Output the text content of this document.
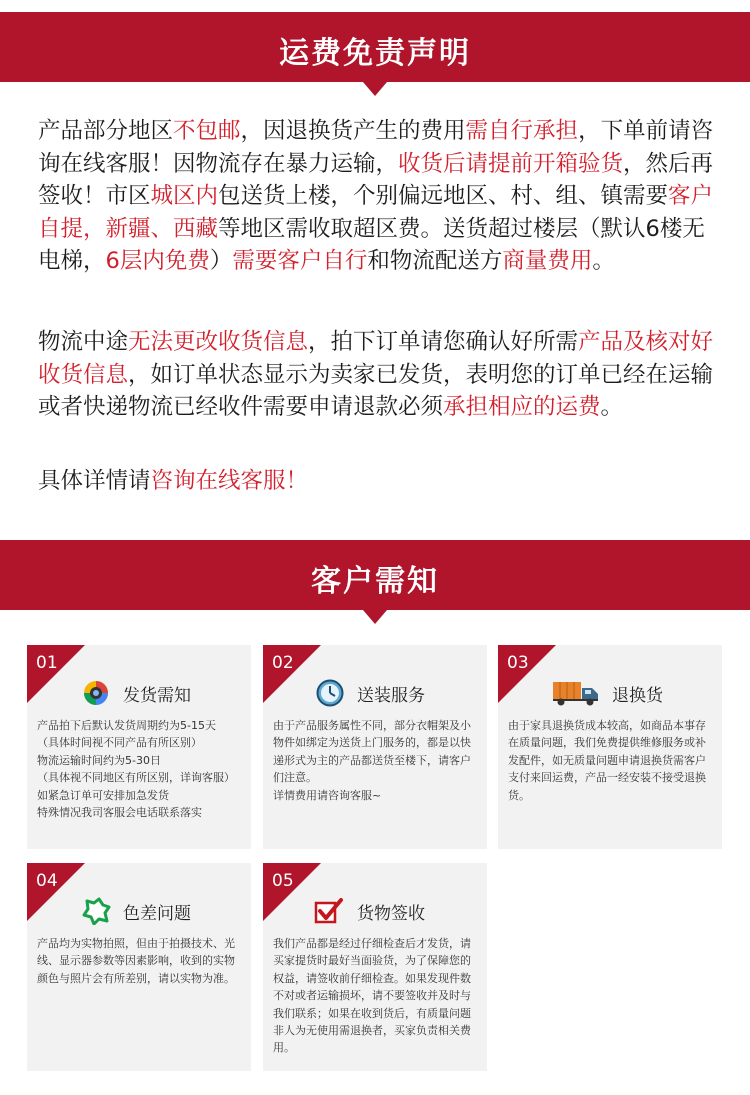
运费免责声明
产品部分地区不包邮，因退换货产生的费用需自行承担，下单前请咨询在线客服！因物流存在暴力运输，收货后请提前开箱验货，然后再签收！市区城区内包送货上楼，个别偏远地区、村、组、镇需要客户自提，新疆、西藏等地区需收取超区费。送货超过楼层（默认6楼无电梯，6层内免费）需要客户自行和物流配送方商量费用。
物流中途无法更改收货信息，拍下订单请您确认好所需产品及核对好收货信息，如订单状态显示为卖家已发货，表明您的订单已经在运输或者快递物流已经收件需要申请退款必须承担相应的运费。
具体详情请咨询在线客服！
客户需知
01
发货需知
产品拍下后默认发货周期约为5-15天
（具体时间视不同产品有所区别）
物流运输时间约为5-30日
（具体视不同地区有所区别，详询客服）
如紧急订单可安排加急发货
特殊情况我司客服会电话联系落实
02
送装服务
由于产品服务属性不同，部分衣帽架及小物件如绑定为送货上门服务的，都是以快递形式为主的产品都送货至楼下，请客户们注意。
详情费用请咨询客服~
03
退换货
由于家具退换货成本较高，如商品本事存在质量问题，我们免费提供维修服务或补发配件，如无质量问题申请退换货需客户支付来回运费，产品一经安装不接受退换货。
04
色差问题
产品均为实物拍照，但由于拍摄技术、光线、显示器参数等因素影响，收到的实物颜色与照片会有所差别，请以实物为准。
05
货物签收
我们产品都是经过仔细检查后才发货，请买家提货时最好当面验货，为了保障您的权益，请签收前仔细检查。如果发现件数不对或者运输损坏，请不要签收并及时与我们联系；如果在收到货后，有质量问题非人为无使用需退换者，买家负责相关费用。
